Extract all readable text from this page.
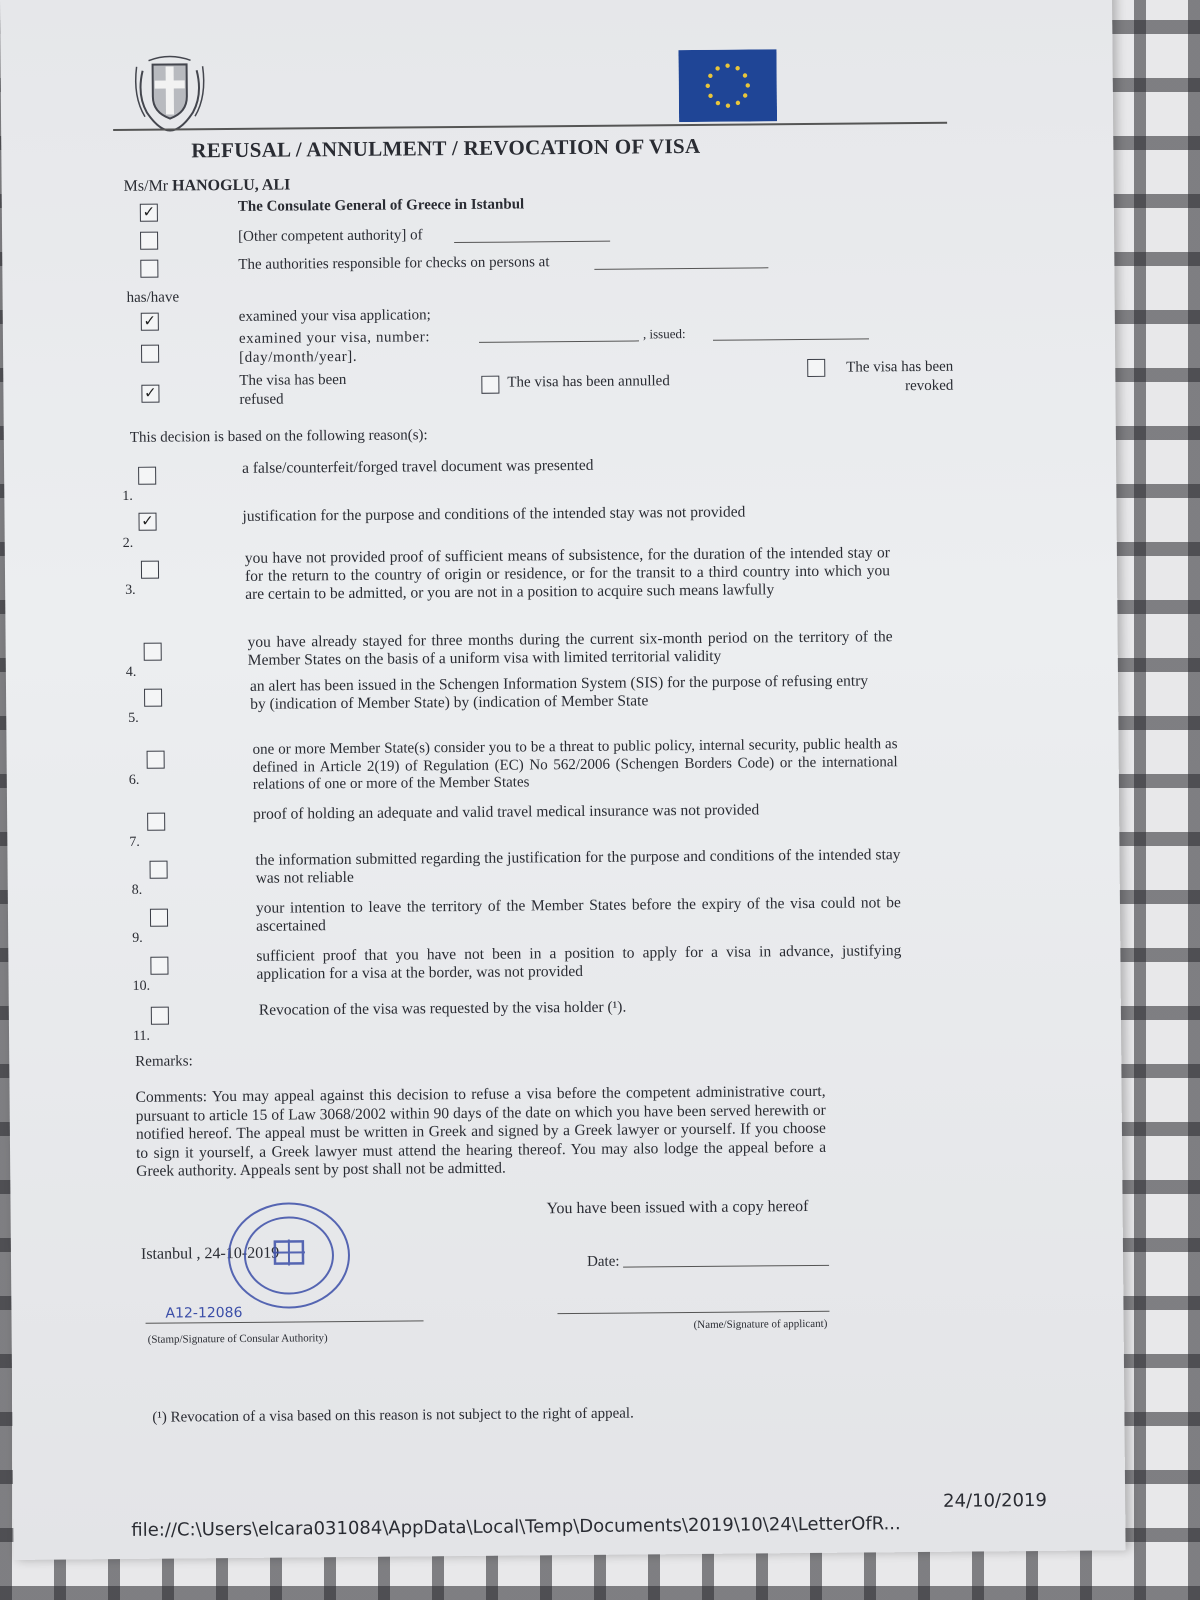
REFUSAL / ANNULMENT / REVOCATION OF VISA
Ms/Mr HANOGLU, ALI
✓	The Consulate General of Greece in Istanbul
[Other competent authority] of
The authorities responsible for checks on persons at
has/have
✓	examined your visa application;
examined your visa, number:
[day/month/year].
, issued:
✓
The visa has been
refused
The visa has been annulled
The visa has been
revoked
This decision is based on the following reason(s):
1.
a false/counterfeit/forged travel document was presented
✓
2.
justification for the purpose and conditions of the intended stay was not provided
3.
you have not provided proof of sufficient means of subsistence, for the duration of the intended stay or for the return to the country of origin or residence, or for the transit to a third country into which you are certain to be admitted, or you are not in a position to acquire such means lawfully
4.
you have already stayed for three months during the current six-month period on the territory of the Member States on the basis of a uniform visa with limited territorial validity
5.
an alert has been issued in the Schengen Information System (SIS) for the purpose of refusing entry
by (indication of Member State) by (indication of Member State
6.
one or more Member State(s) consider you to be a threat to public policy, internal security, public health as defined in Article 2(19) of Regulation (EC) No 562/2006 (Schengen Borders Code) or the international relations of one or more of the Member States
7.
proof of holding an adequate and valid travel medical insurance was not provided
8.
the information submitted regarding the justification for the purpose and conditions of the intended stay was not reliable
9.
your intention to leave the territory of the Member States before the expiry of the visa could not be ascertained
10.
sufficient proof that you have not been in a position to apply for a visa in advance, justifying application for a visa at the border, was not provided
11.
Revocation of the visa was requested by the visa holder (¹).
Remarks:
Comments: You may appeal against this decision to refuse a visa before the competent administrative court, pursuant to article 15 of Law 3068/2002 within 90 days of the date on which you have been served herewith or notified hereof. The appeal must be written in Greek and signed by a Greek lawyer or yourself. If you choose to sign it yourself, a Greek lawyer must attend the hearing thereof. You may also lodge the appeal before a Greek authority. Appeals sent by post shall not be admitted.
You have been issued with a copy hereof
Istanbul , 24-10-2019
A12-12086
(Stamp/Signature of Consular Authority)
Date:
(Name/Signature of applicant)
(¹) Revocation of a visa based on this reason is not subject to the right of appeal.
file://C:\Users\elcara031084\AppData\Local\Temp\Documents\2019\10\24\LetterOfR...
24/10/2019
